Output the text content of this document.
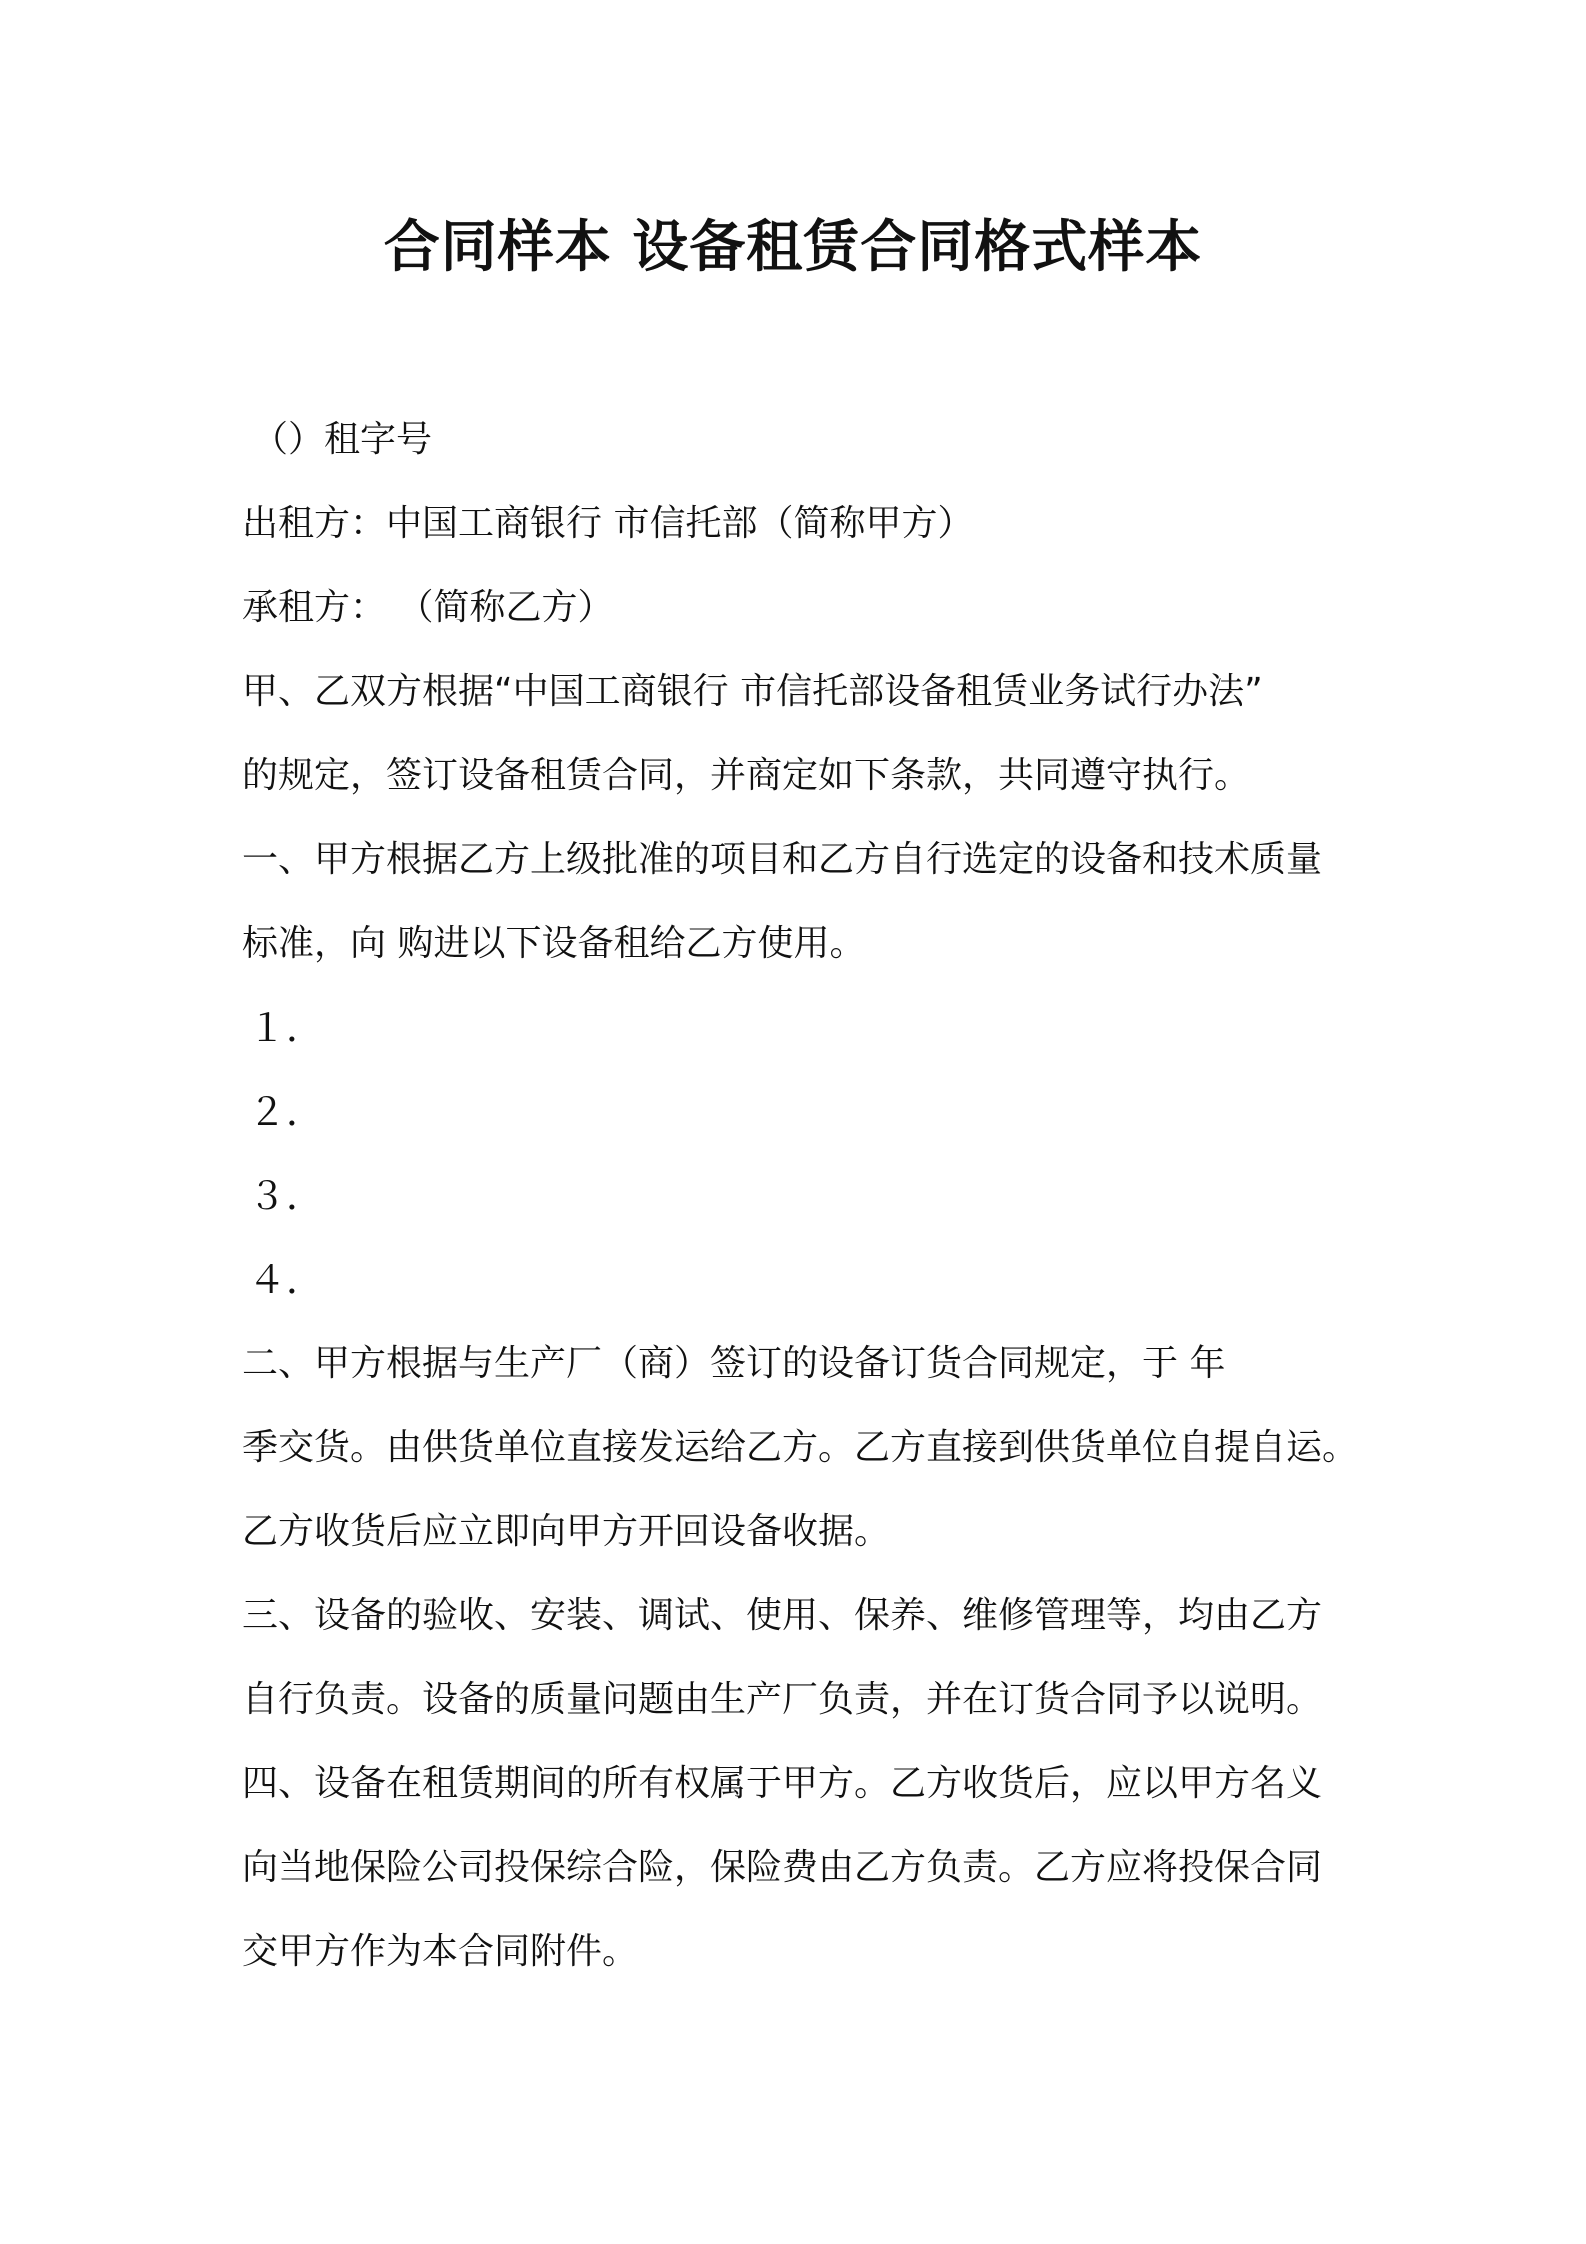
合同样本 设备租赁合同格式样本
（）租字号
出租方：中国工商银行 市信托部（简称甲方）
承租方： （简称乙方）
甲、乙双方根据“中国工商银行 市信托部设备租赁业务试行办法”
的规定，签订设备租赁合同，并商定如下条款，共同遵守执行。
一、甲方根据乙方上级批准的项目和乙方自行选定的设备和技术质量
标准，向 购进以下设备租给乙方使用。
１．
２．
３．
４．
二、甲方根据与生产厂（商）签订的设备订货合同规定，于 年
季交货。由供货单位直接发运给乙方。乙方直接到供货单位自提自运。
乙方收货后应立即向甲方开回设备收据。
三、设备的验收、安装、调试、使用、保养、维修管理等，均由乙方
自行负责。设备的质量问题由生产厂负责，并在订货合同予以说明。
四、设备在租赁期间的所有权属于甲方。乙方收货后，应以甲方名义
向当地保险公司投保综合险，保险费由乙方负责。乙方应将投保合同
交甲方作为本合同附件。
